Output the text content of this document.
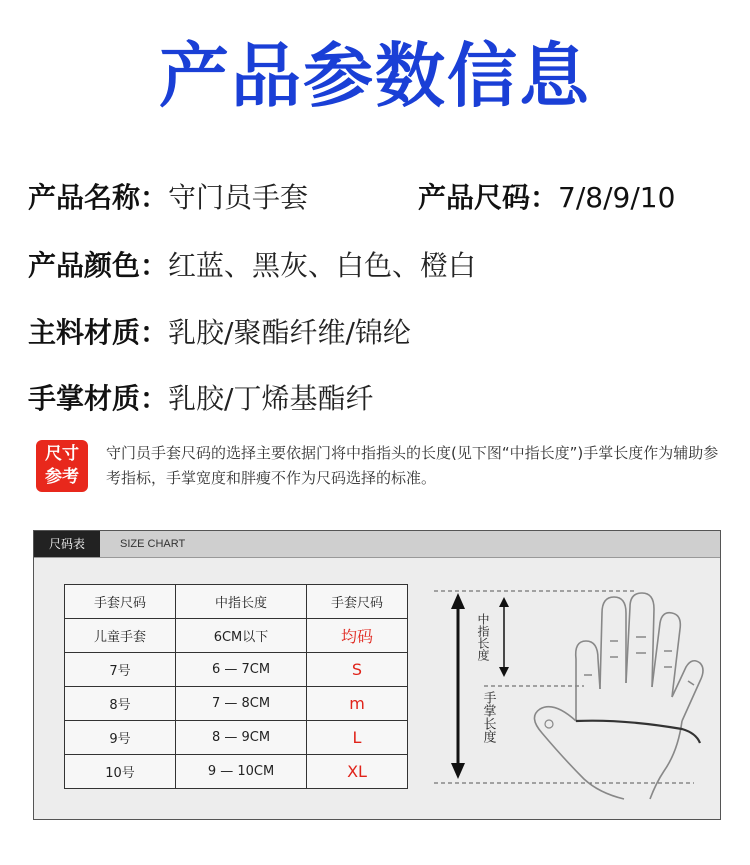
产品参数信息
产品名称：守门员手套	产品尺码：7/8/9/10
产品颜色：红蓝、黑灰、白色、橙白
主料材质：乳胶/聚酯纤维/锦纶
手掌材质：乳胶/丁烯基酯纤
尺寸
参考
守门员手套尺码的选择主要依据门将中指指头的长度(见下图“中指长度”)手掌长度作为辅助参考指标，手掌宽度和胖瘦不作为尺码选择的标准。
尺码表	SIZE CHART
手套尺码	中指长度	手套尺码
儿童手套	6CM以下	均码
7号	6 — 7CM	S
8号	7 — 8CM	m
9号	8 — 9CM	L
10号	9 — 10CM	XL
中指长度
手掌长度
